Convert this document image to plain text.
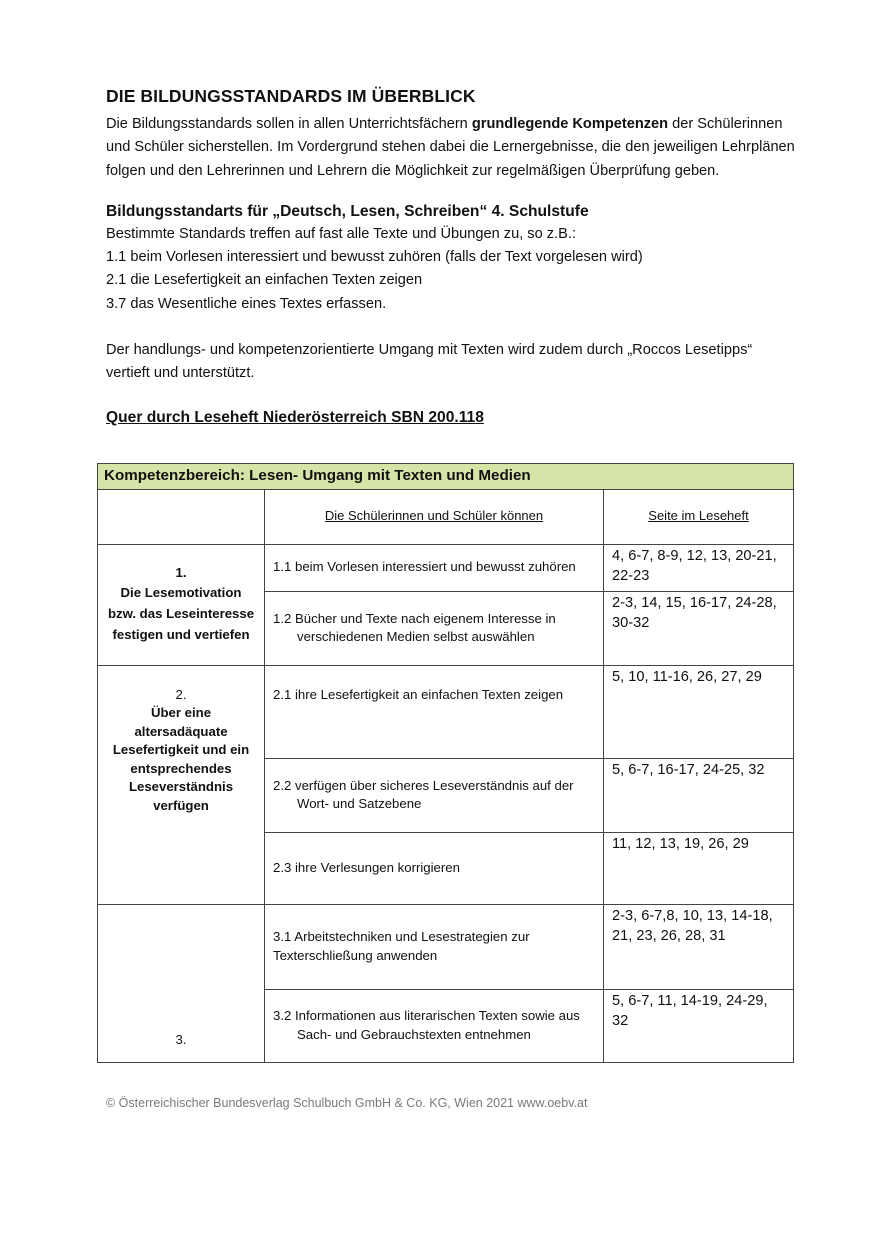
DIE BILDUNGSSTANDARDS IM ÜBERBLICK

Die Bildungsstandards sollen in allen Unterrichtsfächern grundlegende Kompetenzen der Schülerinnen und Schüler sicherstellen. Im Vordergrund stehen dabei die Lernergebnisse, die den jeweiligen Lehrplänen folgen und den Lehrerinnen und Lehrern die Möglichkeit zur regelmäßigen Überprüfung geben.

Bildungsstandarts für „Deutsch, Lesen, Schreiben“ 4. Schulstufe
Bestimmte Standards treffen auf fast alle Texte und Übungen zu, so z.B.:
1.1 beim Vorlesen interessiert und bewusst zuhören (falls der Text vorgelesen wird)
2.1 die Lesefertigkeit an einfachen Texten zeigen
3.7 das Wesentliche eines Textes erfassen.

Der handlungs- und kompetenzorientierte Umgang mit Texten wird zudem durch „Roccos Lesetipps“ vertieft und unterstützt.

Quer durch Leseheft Niederösterreich SBN 200.118
Kompetenzbereich: Lesen- Umgang mit Texten und Medien		
	Die Schülerinnen und Schüler können	Seite im Leseheft

1.
Die Lesemotivation bzw. das Leseinteresse festigen und vertiefen	1.1 beim Vorlesen interessiert und bewusst zuhören	4, 6-7, 8-9, 12, 13, 20-21, 22-23
	1.2 Bücher und Texte nach eigenem Interesse in
verschiedenen Medien selbst auswählen	2-3, 14, 15, 16-17, 24-28, 30-32

2.
Über eine altersadäquate Lesefertigkeit und ein entsprechendes Leseverständnis verfügen	2.1 ihre Lesefertigkeit an einfachen Texten zeigen	5, 10, 11-16, 26, 27, 29
	2.2 verfügen über sicheres Leseverständnis auf der
Wort- und Satzebene	5, 6-7, 16-17, 24-25, 32
	2.3 ihre Verlesungen korrigieren	11, 12, 13, 19, 26, 29

3.	3.1 Arbeitstechniken und Lesestrategien zur Texterschließung anwenden	2-3, 6-7,8, 10, 13, 14-18, 21, 23, 26, 28, 31
	3.2 Informationen aus literarischen Texten sowie aus
Sach- und Gebrauchstexten entnehmen	5, 6-7, 11, 14-19, 24-29, 32
© Österreichischer Bundesverlag Schulbuch GmbH & Co. KG, Wien 2021 www.oebv.at
